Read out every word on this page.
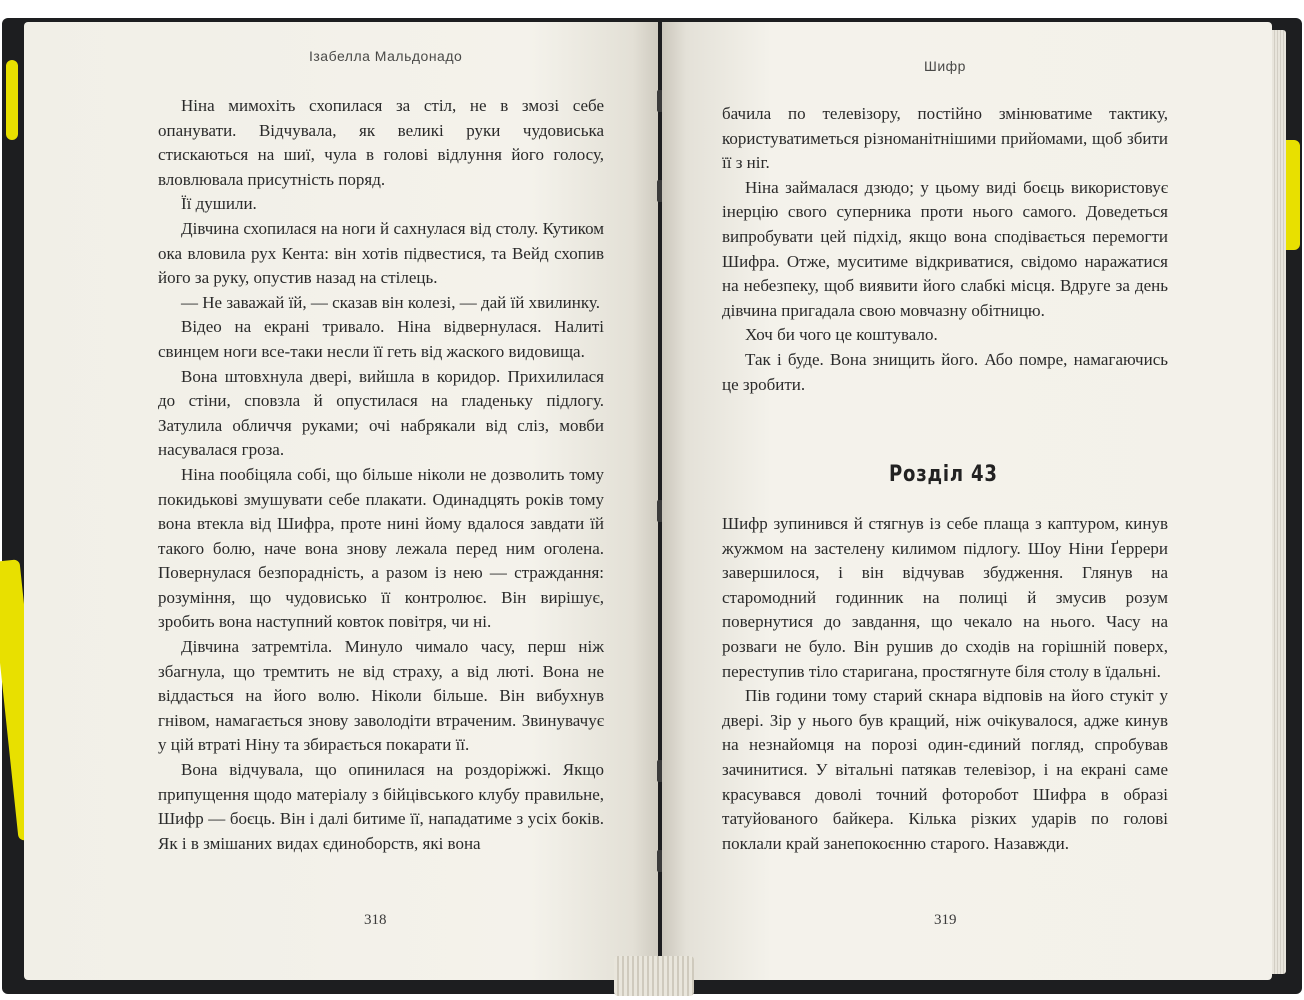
Ізабелла Мальдонадо

Ніна мимохіть схопилася за стіл, не в змозі себе опанувати. Відчувала, як великі руки чудовиська стискаються на шиї, чула в голові відлуння його голосу, вловлювала присутність поряд.

Її душили.

Дівчина схопилася на ноги й сахнулася від столу. Кутиком ока вловила рух Кента: він хотів підвестися, та Вейд схопив його за руку, опустив назад на стілець.

— Не заважай їй, — сказав він колезі, — дай їй хвилинку.

Відео на екрані тривало. Ніна відвернулася. Налиті свинцем ноги все-таки несли її геть від жаского видовища.

Вона штовхнула двері, вийшла в коридор. Прихилилася до стіни, сповзла й опустилася на гладеньку підлогу. Затулила обличчя руками; очі набрякали від сліз, мовби насувалася гроза.

Ніна пообіцяла собі, що більше ніколи не дозволить тому покидькові змушувати себе плакати. Одинадцять років тому вона втекла від Шифра, проте нині йому вдалося завдати їй такого болю, наче вона знову лежала перед ним оголена. Повернулася безпорадність, а разом із нею — страждання: розуміння, що чудовисько її контролює. Він вирішує, зробить вона наступний ковток повітря, чи ні.

Дівчина затремтіла. Минуло чимало часу, перш ніж збагнула, що тремтить не від страху, а від люті. Вона не віддасться на його волю. Ніколи більше. Він вибухнув гнівом, намагається знову заволодіти втраченим. Звинувачує у цій втраті Ніну та збирається покарати її.

Вона відчувала, що опинилася на роздоріжжі. Якщо припущення щодо матеріалу з бійцівського клубу правильне, Шифр — боєць. Він і далі битиме її, нападатиме з усіх боків. Як і в змішаних видах єдиноборств, які вона

318
Шифр

бачила по телевізору, постійно змінюватиме тактику, користуватиметься різноманітнішими прийомами, щоб збити її з ніг.

Ніна займалася дзюдо; у цьому виді боєць використовує інерцію свого суперника проти нього самого. Доведеться випробувати цей підхід, якщо вона сподівається перемогти Шифра. Отже, муситиме відкриватися, свідомо наражатися на небезпеку, щоб виявити його слабкі місця. Вдруге за день дівчина пригадала свою мовчазну обітницю.

Хоч би чого це коштувало.

Так і буде. Вона знищить його. Або помре, намагаючись це зробити.

Розділ 43

Шифр зупинився й стягнув із себе плаща з каптуром, кинув жужмом на застелену килимом підлогу. Шоу Ніни Ґеррери завершилося, і він відчував збудження. Глянув на старомодний годинник на полиці й змусив розум повернутися до завдання, що чекало на нього. Часу на розваги не було. Він рушив до сходів на горішній поверх, переступив тіло старигана, простягнуте біля столу в їдальні.

Пів години тому старий скнара відповів на його стукіт у двері. Зір у нього був кращий, ніж очікувалося, адже кинув на незнайомця на порозі один-єдиний погляд, спробував зачинитися. У вітальні патякав телевізор, і на екрані саме красувався доволі точний фоторобот Шифра в образі татуйованого байкера. Кілька різких ударів по голові поклали край занепокоєнню старого. Назавжди.

319
